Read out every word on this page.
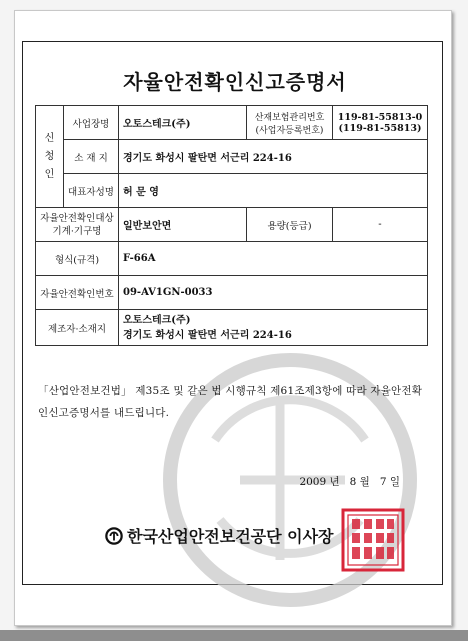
자율안전확인신고증명서
신청인	사업장명	오토스테크(주)	산재보험관리번호
(사업자등록번호)	119-81-55813-0
(119-81-55813)
	소 재 지	경기도 화성시 팔탄면 서근리 224-16		
	대표자성명	허 문 영		
자율안전확인대상
기계·기구명		일반보안면	용량(등급)	-
형식(규격)		F-66A		
자율안전확인번호		09-AV1GN-0033		
제조자·소재지		오토스테크(주)
경기도 화성시 팔탄면 서근리 224-16		
「산업안전보건법」 제35조 및 같은 법 시행규칙 제61조제3항에 따라 자율안전확인신고증명서를 내드립니다.
2009 년   8 월   7 일
한국산업안전보건공단 이사장
